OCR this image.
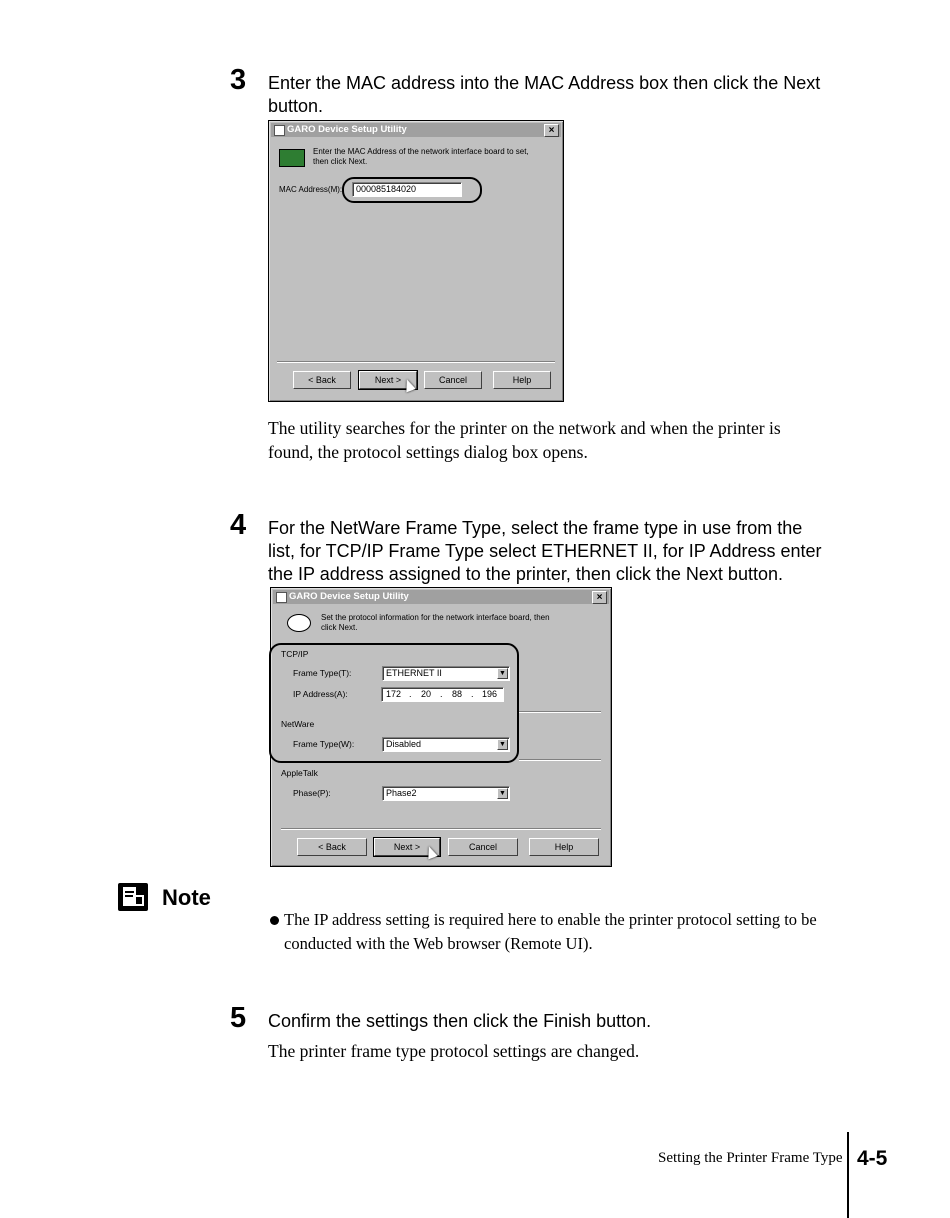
3 Enter the MAC address into the MAC Address box then click the Next button.
GARO Device Setup Utility	×
Enter the MAC Address of the network interface board to set,
then click Next.
MAC Address(M):	000085184020
< Back	Next >	Cancel	Help
The utility searches for the printer on the network and when the printer is found, the protocol settings dialog box opens.
4 For the NetWare Frame Type, select the frame type in use from the
list, for TCP/IP Frame Type select ETHERNET II, for IP Address enter
the IP address assigned to the printer, then click the Next button.
GARO Device Setup Utility	×
Set the protocol information for the network interface board, then
click Next.
TCP/IP
Frame Type(T):	ETHERNET II	▼
IP Address(A):	172 . 20 . 88 . 196
NetWare
Frame Type(W):	Disabled	▼
AppleTalk
Phase(P):	Phase2	▼
< Back	Next >	Cancel	Help
Note
The IP address setting is required here to enable the printer protocol setting to be
conducted with the Web browser (Remote UI).
5 Confirm the settings then click the Finish button.
The printer frame type protocol settings are changed.
Setting the Printer Frame Type 4-5
